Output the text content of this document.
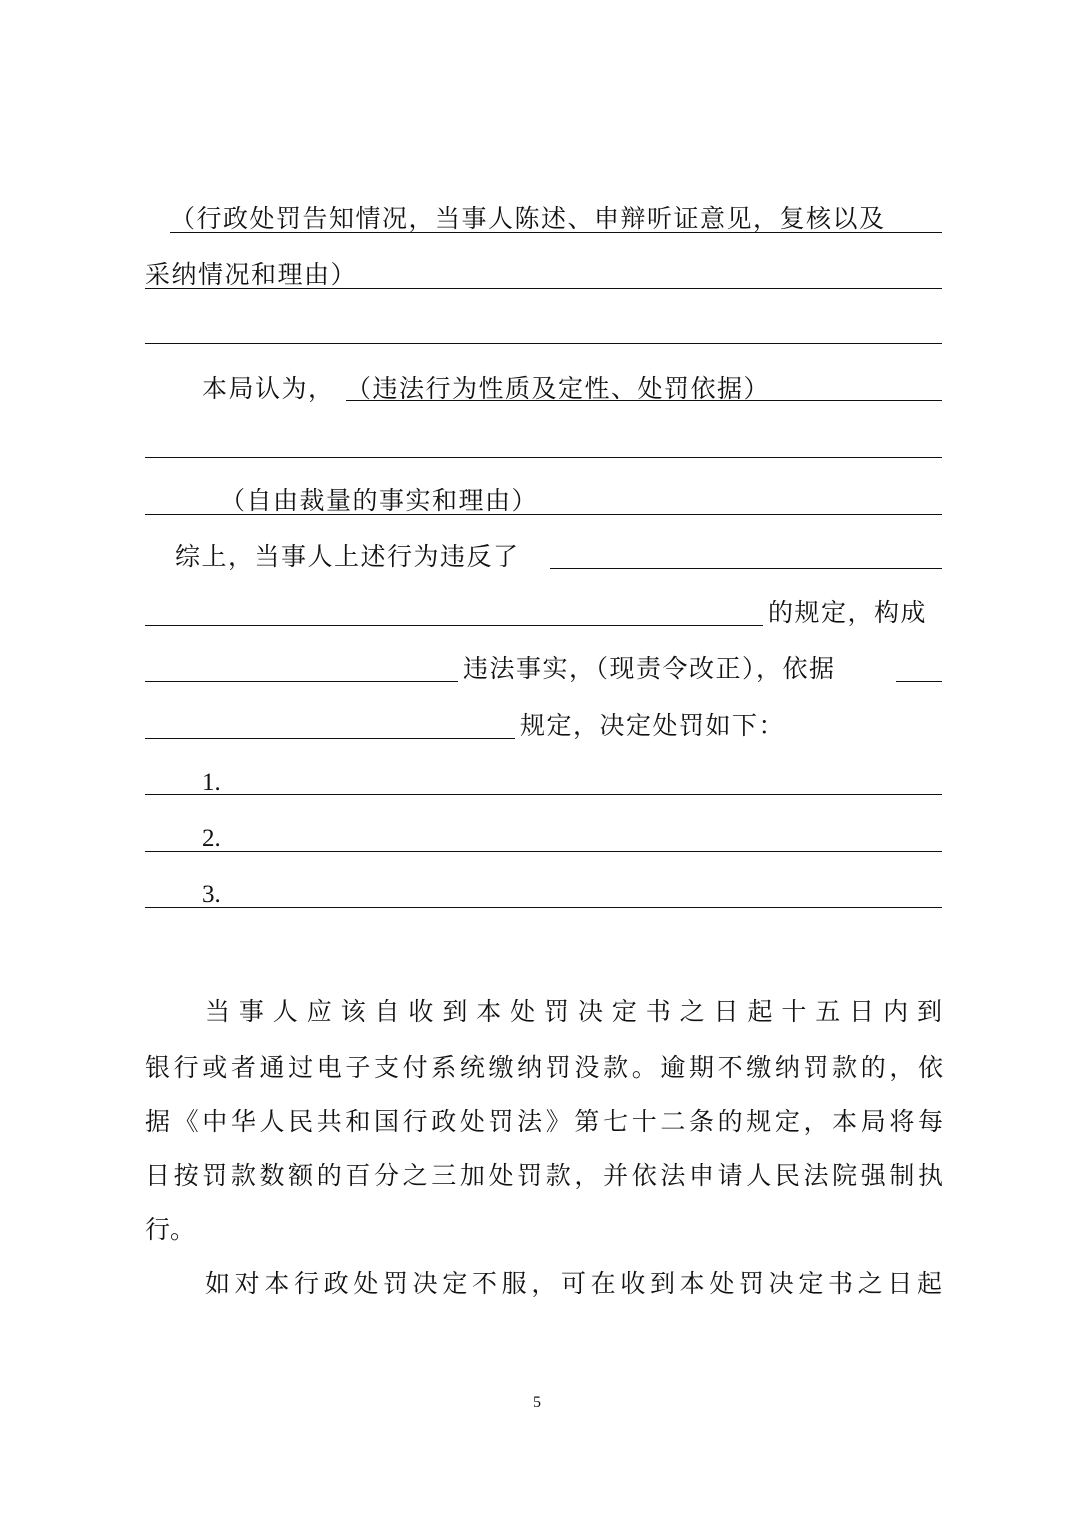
（行政处罚告知情况，当事人陈述、申辩听证意见，复核以及
采纳情况和理由）
本局认为， （违法行为性质及定性、处罚依据）
（自由裁量的事实和理由）
综上，当事人上述行为违反了
的规定，构成
违法事实，（现责令改正），依据
规定，决定处罚如下：
1.
2.
3.
当事人应该自收到本处罚决定书之日起十五日内到
银行或者通过电子支付系统缴纳罚没款。逾期不缴纳罚款的，依
据《中华人民共和国行政处罚法》第七十二条的规定，本局将每
日按罚款数额的百分之三加处罚款，并依法申请人民法院强制执
行。
如对本行政处罚决定不服，可在收到本处罚决定书之日起
5
